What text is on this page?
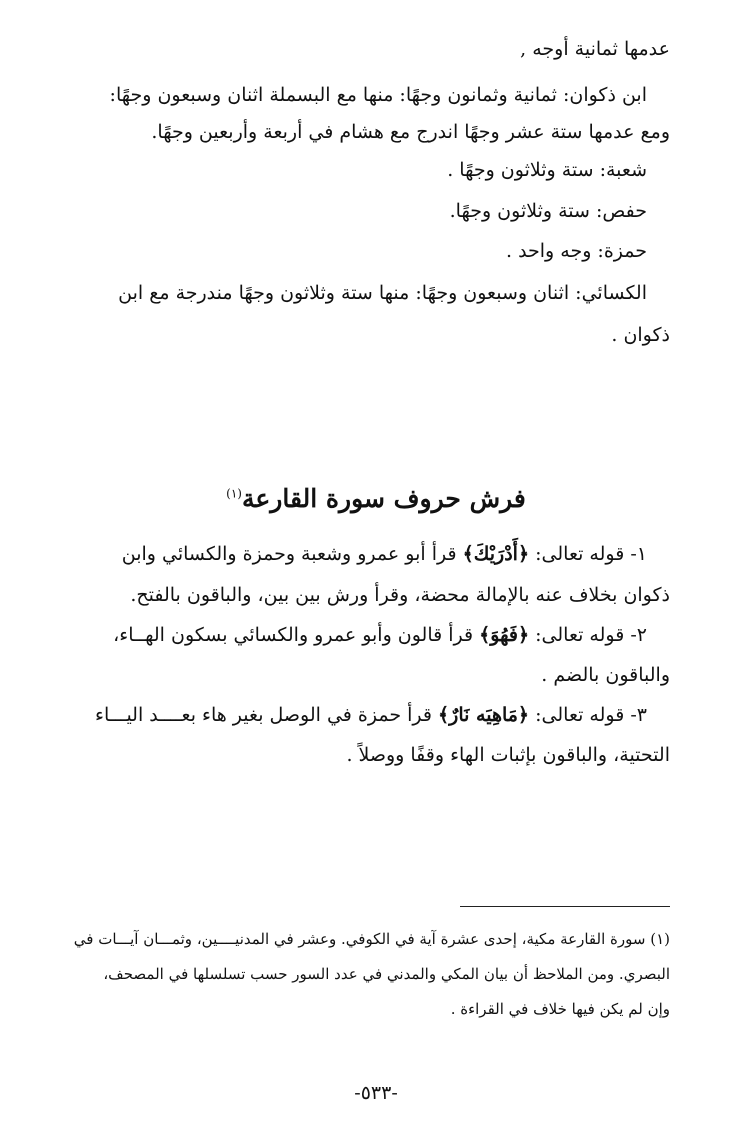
عدمها ثمانية أوجه ,
ابن ذكوان: ثمانية وثمانون وجهًا: منها مع البسملة اثنان وسبعون وجهًا:
ومع عدمها ستة عشر وجهًا اندرج مع هشام في أربعة وأربعين وجهًا.
شعبة: ستة وثلاثون وجهًا .
حفص: ستة وثلاثون وجهًا.
حمزة: وجه واحد .
الكسائي: اثنان وسبعون وجهًا: منها ستة وثلاثون وجهًا مندرجة مع ابن
ذكوان .
فرش حروف سورة القارعة$^{(١)}$
١- قوله تعالى: ﴿أَدْرَيْكَ﴾ قرأ أبو عمرو وشعبة وحمزة والكسائي وابن
ذكوان بخلاف عنه بالإمالة محضة، وقرأ ورش بين بين، والباقون بالفتح.
٢- قوله تعالى: ﴿فَهُوَ﴾ قرأ قالون وأبو عمرو والكسائي بسكون الهــاء،
والباقون بالضم .
٣- قوله تعالى: ﴿مَاهِيَه نَارٌ﴾ قرأ حمزة في الوصل بغير هاء بعــــد اليـــاء
التحتية، والباقون بإثبات الهاء وقفًا ووصلاً .
(١) سورة القارعة مكية، إحدى عشرة آية في الكوفي. وعشر في المدنيــــين، وثمـــان آيـــات في
البصري. ومن الملاحظ أن بيان المكي والمدني في عدد السور حسب تسلسلها في المصحف،
وإن لم يكن فيها خلاف في القراءة .
-٥٣٣-
